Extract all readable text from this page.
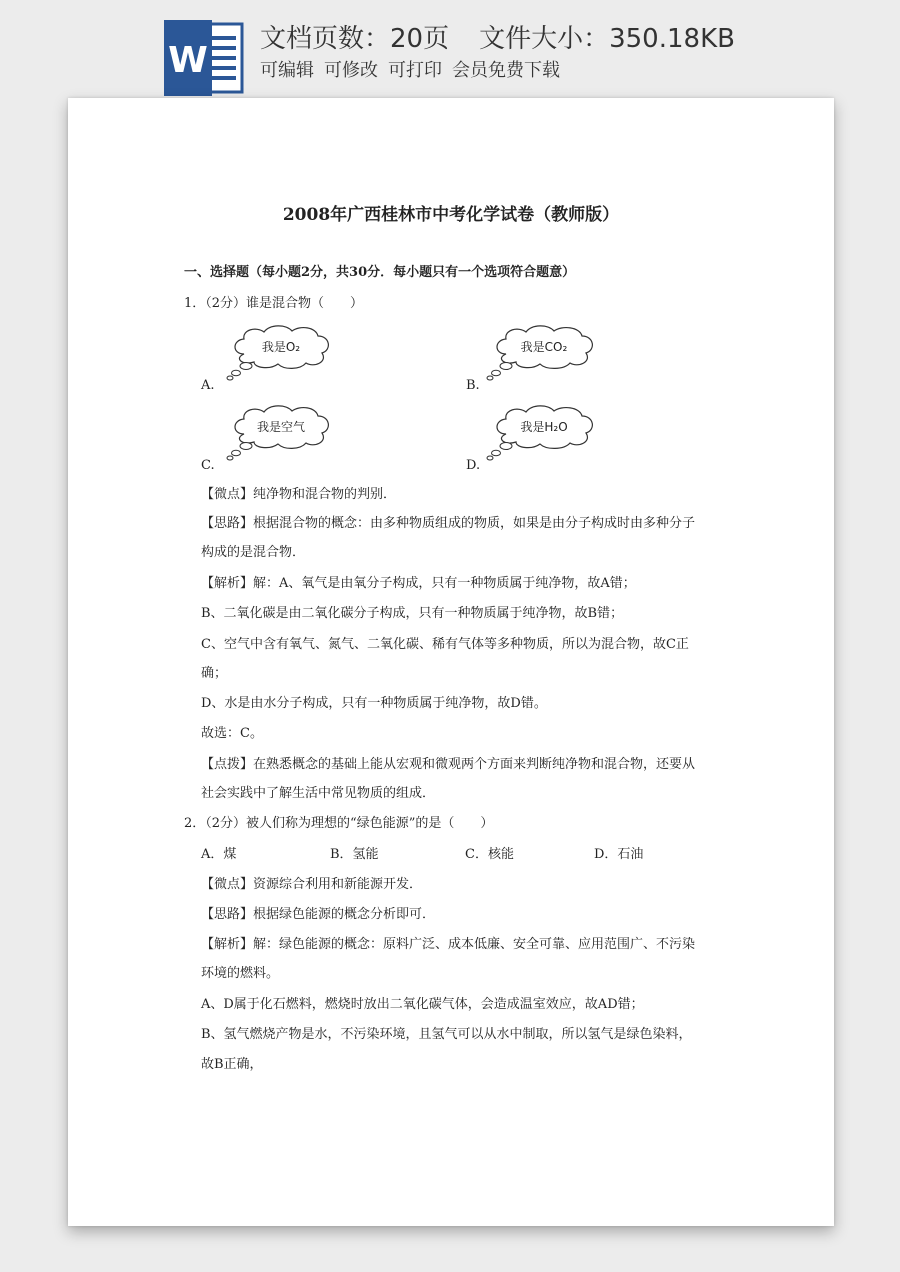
W
文档页数：20页 文件大小：350.18KB
可编辑 可修改 可打印 会员免费下载
2008年广西桂林市中考化学试卷（教师版）
一、选择题（每小题2分，共30分．每小题只有一个选项符合题意）
1．（2分）谁是混合物（　　）
我是O₂
A.
我是CO₂
B.
我是空气
C.
我是H₂O
D.
【微点】纯净物和混合物的判别．
【思路】根据混合物的概念：由多种物质组成的物质，如果是由分子构成时由多种分子
构成的是混合物．
【解析】解：A、氧气是由氧分子构成，只有一种物质属于纯净物，故A错；
B、二氧化碳是由二氧化碳分子构成，只有一种物质属于纯净物，故B错；
C、空气中含有氧气、氮气、二氧化碳、稀有气体等多种物质，所以为混合物，故C正
确；
D、水是由水分子构成，只有一种物质属于纯净物，故D错。
故选：C。
【点拨】在熟悉概念的基础上能从宏观和微观两个方面来判断纯净物和混合物，还要从
社会实践中了解生活中常见物质的组成．
2．（2分）被人们称为理想的“绿色能源”的是（　　）
A．煤	B．氢能	C．核能	D．石油
【微点】资源综合利用和新能源开发．
【思路】根据绿色能源的概念分析即可．
【解析】解：绿色能源的概念：原料广泛、成本低廉、安全可靠、应用范围广、不污染
环境的燃料。
A、D属于化石燃料，燃烧时放出二氧化碳气体，会造成温室效应，故AD错；
B、氢气燃烧产物是水，不污染环境，且氢气可以从水中制取，所以氢气是绿色染料，
故B正确，
